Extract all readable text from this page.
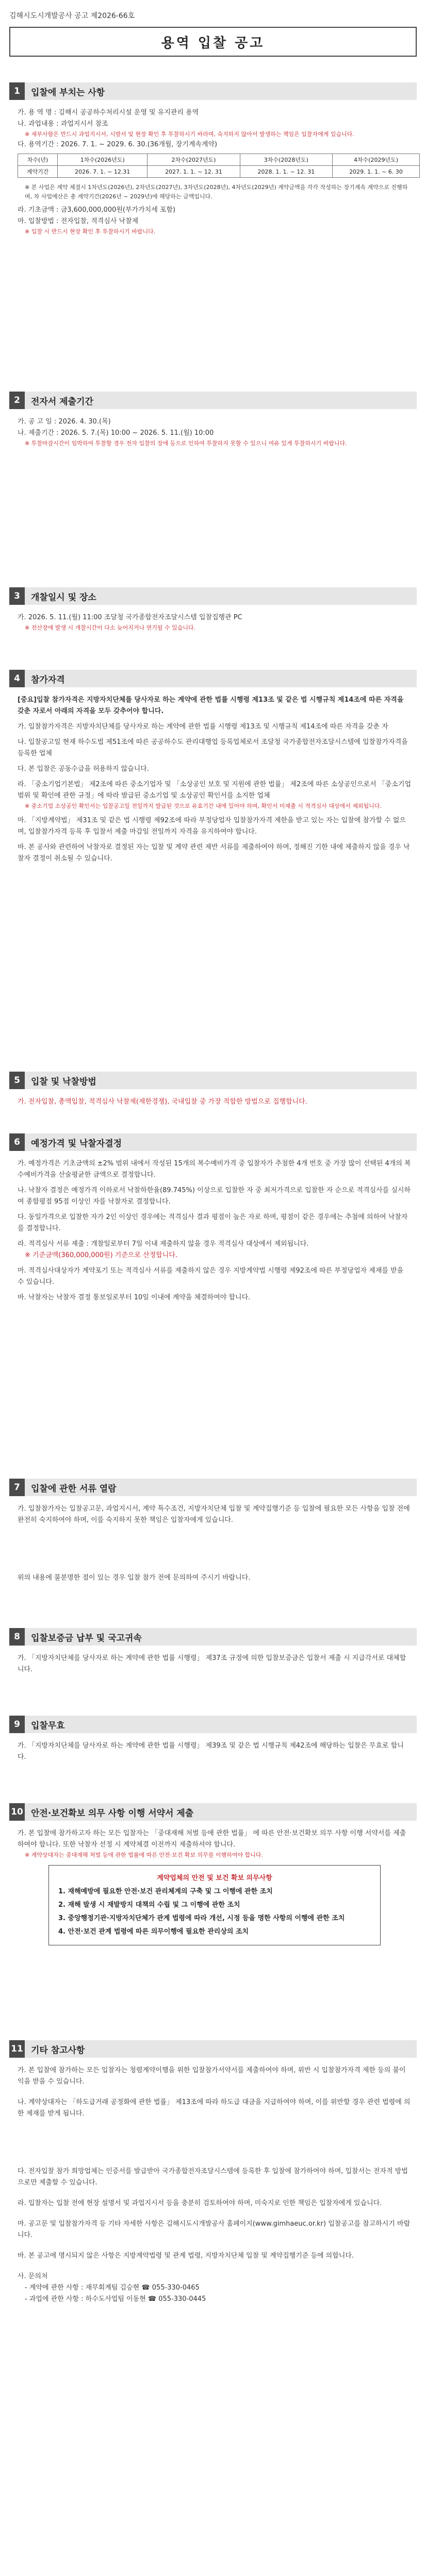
김해시도시개발공사 공고 제2026-66호
용역 입찰 공고
1	입찰에 부치는 사항
가. 용 역 명 : 김해시 공공하수처리시설 운영 및 유지관리 용역
나. 과업내용 : 과업지시서 참조
※ 세부사항은 반드시 과업지시서, 시방서 및 현장 확인 후 투찰하시기 바라며, 숙지하지 않아서 발생하는 책임은 입찰자에게 있습니다.
다. 용역기간 : 2026. 7. 1. ~ 2029. 6. 30.(36개월, 장기계속계약)
차수(년)	1차수(2026년도)	2차수(2027년도)	3차수(2028년도)	4차수(2029년도)
계약기간	2026. 7. 1. ~ 12.31	2027. 1. 1. ~ 12. 31	2028. 1. 1. ~ 12. 31	2029. 1. 1. ~ 6. 30
※ 본 사업은 계약 체결시 1차년도(2026년), 2차년도(2027년), 3차년도(2028년), 4차년도(2029년) 계약금액을 각각 작성하는 장기계속 계약으로 진행하며, 차 사업예산은 총 계약기간(2026년 ~ 2029년)에 해당하는 금액입니다.
라. 기초금액 : 금3,600,000,000원(부가가치세 포함)
마. 입찰방법 : 전자입찰, 적격심사 낙찰제
※ 입찰 시 반드시 현장 확인 후 투찰하시기 바랍니다.
2	전자서 제출기간
가. 공 고 일 : 2026. 4. 30.(목)
나. 제출기간 : 2026. 5. 7.(목) 10:00 ~ 2026. 5. 11.(월) 10:00
※ 투찰마감시간이 임박하여 투찰할 경우 전자 입찰의 장애 등으로 인하여 투찰하지 못할 수 있으니 여유 있게 투찰하시기 바랍니다.
3	개찰일시 및 장소
가. 2026. 5. 11.(월) 11:00 조달청 국가종합전자조달시스템 입찰집행관 PC
※ 전산장애 발생 시 개찰시간이 다소 늦어지거나 연기될 수 있습니다.
4	참가자격
[중요]입찰 참가자격은 지방자치단체를 당사자로 하는 계약에 관한 법률 시행령 제13조 및 같은 법 시행규칙 제14조에 따른 자격을 갖춘 자로서 아래의 자격을 모두 갖추어야 합니다.
가. 입찰참가자격은 지방자치단체를 당사자로 하는 계약에 관한 법률 시행령 제13조 및 시행규칙 제14조에 따른 자격을 갖춘 자
나. 입찰공고일 현재 하수도법 제51조에 따른 공공하수도 관리대행업 등록업체로서 조달청 국가종합전자조달시스템에 입찰참가자격을 등록한 업체
다. 본 입찰은 공동수급을 허용하지 않습니다.
라. 「중소기업기본법」 제2조에 따른 중소기업자 및 「소상공인 보호 및 지원에 관한 법률」 제2조에 따른 소상공인으로서 「중소기업 범위 및 확인에 관한 규정」에 따라 발급된 중소기업 및 소상공인 확인서를 소지한 업체
※ 중소기업 소상공인 확인서는 입찰공고일 전일까지 발급된 것으로 유효기간 내에 있어야 하며, 확인서 미제출 시 적격심사 대상에서 제외됩니다.
마. 「지방계약법」 제31조 및 같은 법 시행령 제92조에 따라 부정당업자 입찰참가자격 제한을 받고 있는 자는 입찰에 참가할 수 없으며, 입찰참가자격 등록 후 입찰서 제출 마감일 전일까지 자격을 유지하여야 합니다.
바. 본 공사와 관련하여 낙찰자로 결정된 자는 입찰 및 계약 관련 제반 서류를 제출하여야 하며, 정해진 기한 내에 제출하지 않을 경우 낙찰자 결정이 취소될 수 있습니다.
5	입찰 및 낙찰방법
가. 전자입찰, 총액입찰, 적격심사 낙찰제(제한경쟁), 국내입찰 중 가장 적합한 방법으로 집행합니다.
6	예정가격 및 낙찰자결정
가. 예정가격은 기초금액의 ±2% 범위 내에서 작성된 15개의 복수예비가격 중 입찰자가 추첨한 4개 번호 중 가장 많이 선택된 4개의 복수예비가격을 산술평균한 금액으로 결정합니다.
나. 낙찰자 결정은 예정가격 이하로서 낙찰하한율(89.745%) 이상으로 입찰한 자 중 최저가격으로 입찰한 자 순으로 적격심사를 실시하여 종합평점 95점 이상인 자를 낙찰자로 결정합니다.
다. 동일가격으로 입찰한 자가 2인 이상인 경우에는 적격심사 결과 평점이 높은 자로 하며, 평점이 같은 경우에는 추첨에 의하여 낙찰자를 결정합니다.
라. 적격심사 서류 제출 : 개찰일로부터 7일 이내 제출하지 않을 경우 적격심사 대상에서 제외됩니다.
※ 기준금액(360,000,000원) 기준으로 산정합니다.
마. 적격심사대상자가 계약포기 또는 적격심사 서류를 제출하지 않은 경우 지방계약법 시행령 제92조에 따른 부정당업자 제재를 받을 수 있습니다.
바. 낙찰자는 낙찰자 결정 통보일로부터 10일 이내에 계약을 체결하여야 합니다.
7	입찰에 관한 서류 열람
가. 입찰참가자는 입찰공고문, 과업지시서, 계약 특수조건, 지방자치단체 입찰 및 계약집행기준 등 입찰에 필요한 모든 사항을 입찰 전에 완전히 숙지하여야 하며, 이를 숙지하지 못한 책임은 입찰자에게 있습니다.
위의 내용에 불분명한 점이 있는 경우 입찰 참가 전에 문의하여 주시기 바랍니다.
8	입찰보증금 납부 및 국고귀속
가. 「지방자치단체를 당사자로 하는 계약에 관한 법률 시행령」 제37조 규정에 의한 입찰보증금은 입찰서 제출 시 지급각서로 대체합니다.
9	입찰무효
가. 「지방자치단체를 당사자로 하는 계약에 관한 법률 시행령」 제39조 및 같은 법 시행규칙 제42조에 해당하는 입찰은 무효로 합니다.
10 안전·보건확보 의무 사항 이행 서약서 제출
가. 본 입찰에 참가하고자 하는 모든 입찰자는 「중대재해 처벌 등에 관한 법률」 에 따른 안전·보건확보 의무 사항 이행 서약서를 제출하여야 합니다. 또한 낙찰자 선정 시 계약체결 이전까지 제출하셔야 합니다.
※ 계약상대자는 중대재해 처벌 등에 관한 법률에 따른 안전·보건 확보 의무를 이행하여야 합니다.
계약업체의 안전 및 보건 확보 의무사항
1. 재해예방에 필요한 안전·보건 관리체계의 구축 및 그 이행에 관한 조치
2. 재해 발생 시 재발방지 대책의 수립 및 그 이행에 관한 조치
3. 중앙행정기관·지방자치단체가 관계 법령에 따라 개선, 시정 등을 명한 사항의 이행에 관한 조치
4. 안전·보건 관계 법령에 따른 의무이행에 필요한 관리상의 조치
11 기타 참고사항
가. 본 입찰에 참가하는 모든 입찰자는 청렴계약이행을 위한 입찰참가서약서를 제출하여야 하며, 위반 시 입찰참가자격 제한 등의 불이익을 받을 수 있습니다.
나. 계약상대자는 「하도급거래 공정화에 관한 법률」 제13조에 따라 하도급 대금을 지급하여야 하며, 이를 위반할 경우 관련 법령에 의한 제재를 받게 됩니다.
다. 전자입찰 참가 희망업체는 인증서를 발급받아 국가종합전자조달시스템에 등록한 후 입찰에 참가하여야 하며, 입찰서는 전자적 방법으로만 제출할 수 있습니다.
라. 입찰자는 입찰 전에 현장 설명서 및 과업지시서 등을 충분히 검토하여야 하며, 미숙지로 인한 책임은 입찰자에게 있습니다.
마. 공고문 및 입찰참가자격 등 기타 자세한 사항은 김해시도시개발공사 홈페이지(www.gimhaeuc.or.kr) 입찰공고를 참고하시기 바랍니다.
바. 본 공고에 명시되지 않은 사항은 지방계약법령 및 관계 법령, 지방자치단체 입찰 및 계약집행기준 등에 의합니다.
사. 문의처
- 계약에 관한 사항 : 재무회계팀 김승현 ☎ 055-330-0465
- 과업에 관한 사항 : 하수도사업팀 이동현 ☎ 055-330-0445
